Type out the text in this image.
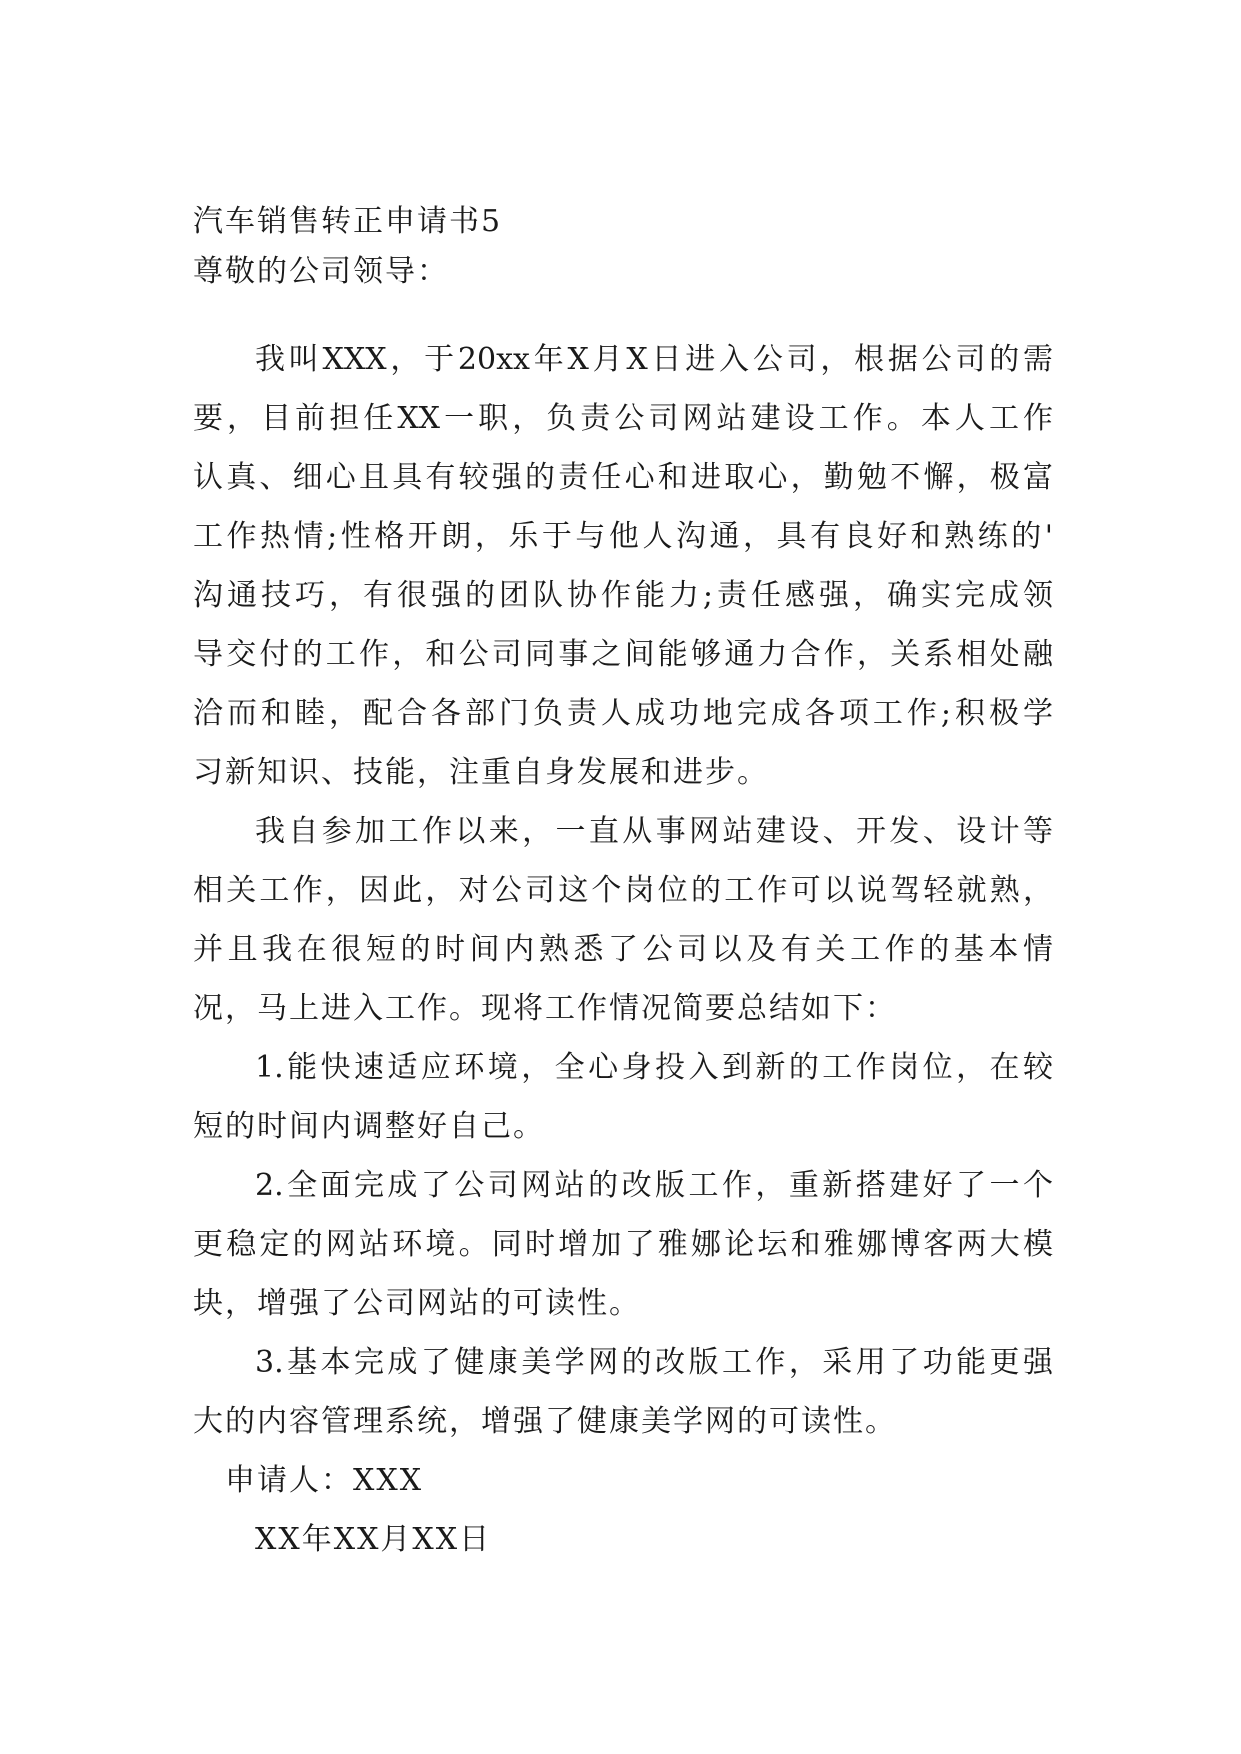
汽车销售转正申请书5
尊敬的公司领导：
我叫XXX，于20xx年X月X日进入公司，根据公司的需
要，目前担任XX一职，负责公司网站建设工作。本人工作
认真、细心且具有较强的责任心和进取心，勤勉不懈，极富
工作热情;性格开朗，乐于与他人沟通，具有良好和熟练的'
沟通技巧，有很强的团队协作能力;责任感强，确实完成领
导交付的工作，和公司同事之间能够通力合作，关系相处融
洽而和睦，配合各部门负责人成功地完成各项工作;积极学
习新知识、技能，注重自身发展和进步。
我自参加工作以来，一直从事网站建设、开发、设计等
相关工作，因此，对公司这个岗位的工作可以说驾轻就熟，
并且我在很短的时间内熟悉了公司以及有关工作的基本情
况，马上进入工作。现将工作情况简要总结如下：
1.能快速适应环境，全心身投入到新的工作岗位，在较
短的时间内调整好自己。
2.全面完成了公司网站的改版工作，重新搭建好了一个
更稳定的网站环境。同时增加了雅娜论坛和雅娜博客两大模
块，增强了公司网站的可读性。
3.基本完成了健康美学网的改版工作，采用了功能更强
大的内容管理系统，增强了健康美学网的可读性。
申请人：XXX
XX年XX月XX日
